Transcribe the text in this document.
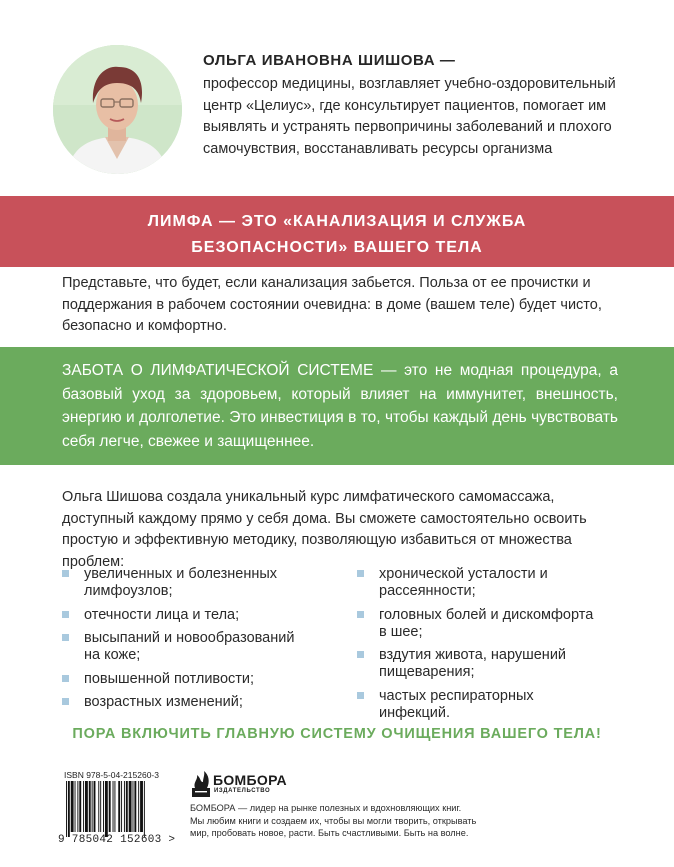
ОЛЬГА ИВАНОВНА ШИШОВА —

профессор медицины, возглавляет учебно-оздоровительный центр «Целиус», где консультирует пациентов, помогает им выявлять и устранять первопричины заболеваний и плохого самочувствия, восстанавливать ресурсы организма

ЛИМФА — ЭТО «КАНАЛИЗАЦИЯ И СЛУЖБА
БЕЗОПАСНОСТИ» ВАШЕГО ТЕЛА

Представьте, что будет, если канализация забьется. Польза от ее прочистки и поддержания в рабочем состоянии очевидна: в доме (вашем теле) будет чисто, безопасно и комфортно.

ЗАБОТА О ЛИМФАТИЧЕСКОЙ СИСТЕМЕ — это не модная процедура, а базовый уход за здоровьем, который влияет на иммунитет, внешность, энергию и долголетие. Это инвестиция в то, чтобы каждый день чувствовать себя легче, свежее и защищеннее.

Ольга Шишова создала уникальный курс лимфатического самомассажа, доступный каждому прямо у себя дома. Вы сможете самостоятельно освоить простую и эффективную методику, позволяющую избавиться от множества проблем:

увеличенных и болезненных лимфоузлов;
отечности лица и тела;
высыпаний и новообразований на коже;
повышенной потливости;
возрастных изменений;
хронической усталости и рассеянности;
головных болей и дискомфорта в шее;
вздутия живота, нарушений пищеварения;
частых респираторных инфекций.
ПОРА ВКЛЮЧИТЬ ГЛАВНУЮ СИСТЕМУ ОЧИЩЕНИЯ ВАШЕГО ТЕЛА!
ISBN 978-5-04-215260-3
9 785042 152603 >
БОМБОРА
ИЗДАТЕЛЬСТВО
БОМБОРА — лидер на рынке полезных и вдохновляющих книг.
Мы любим книги и создаем их, чтобы вы могли творить, открывать
мир, пробовать новое, расти. Быть счастливыми. Быть на волне.
